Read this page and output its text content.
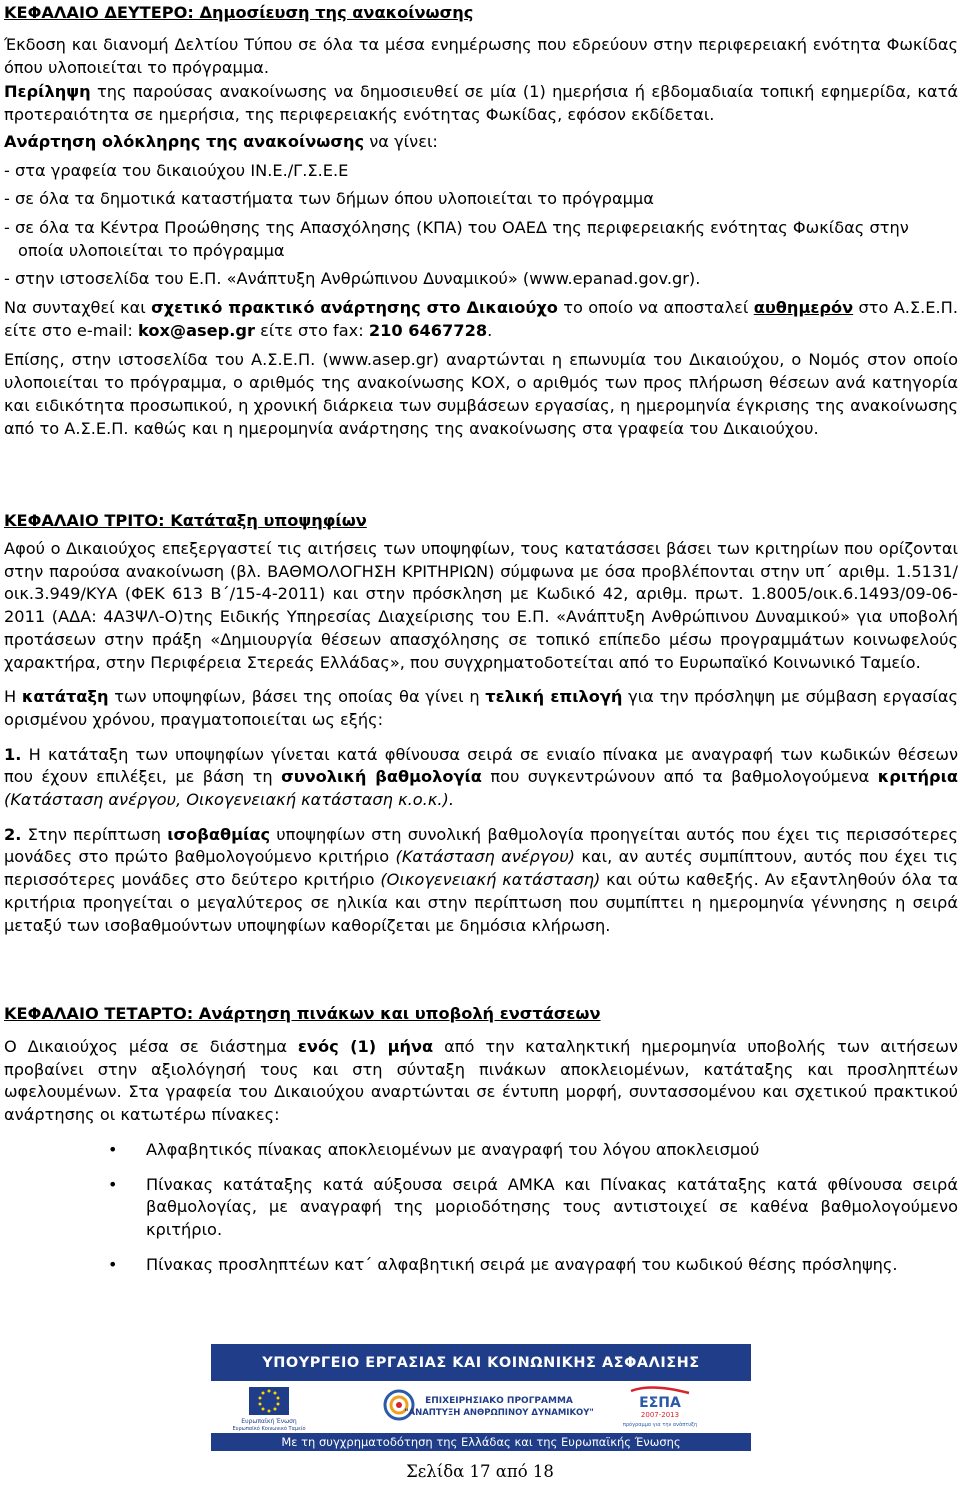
ΚΕΦΑΛΑΙΟ ΔΕΥΤΕΡΟ: Δημοσίευση της ανακοίνωσης

Έκδοση και διανομή Δελτίου Τύπου σε όλα τα μέσα ενημέρωσης που εδρεύουν στην περιφερειακή ενότητα Φωκίδας όπου υλοποιείται το πρόγραμμα.

Περίληψη της παρούσας ανακοίνωσης να δημοσιευθεί σε μία (1) ημερήσια ή εβδομαδιαία τοπική εφημερίδα, κατά προτεραιότητα σε ημερήσια, της περιφερειακής ενότητας Φωκίδας, εφόσον εκδίδεται.

Ανάρτηση ολόκληρης της ανακοίνωσης να γίνει:

- στα γραφεία του δικαιούχου ΙΝ.Ε./Γ.Σ.Ε.Ε
- σε όλα τα δημοτικά καταστήματα των δήμων όπου υλοποιείται το πρόγραμμα
- σε όλα τα Κέντρα Προώθησης της Απασχόλησης (ΚΠΑ) του ΟΑΕΔ της περιφερειακής ενότητας Φωκίδας στην οποία υλοποιείται το πρόγραμμα
- στην ιστοσελίδα του Ε.Π. «Ανάπτυξη Ανθρώπινου Δυναμικού» (www.epanad.gov.gr).

Να συνταχθεί και σχετικό πρακτικό ανάρτησης στο Δικαιούχο το οποίο να αποσταλεί αυθημερόν στο Α.Σ.Ε.Π. είτε στο e-mail: kox@asep.gr είτε στο fax: 210 6467728.

Επίσης, στην ιστοσελίδα του Α.Σ.Ε.Π. (www.asep.gr) αναρτώνται η επωνυμία του Δικαιούχου, ο Νομός στον οποίο υλοποιείται το πρόγραμμα, ο αριθμός της ανακοίνωσης ΚΟΧ, ο αριθμός των προς πλήρωση θέσεων ανά κατηγορία και ειδικότητα προσωπικού, η χρονική διάρκεια των συμβάσεων εργασίας, η ημερομηνία έγκρισης της ανακοίνωσης από το Α.Σ.Ε.Π. καθώς και η ημερομηνία ανάρτησης της ανακοίνωσης στα γραφεία του Δικαιούχου.

ΚΕΦΑΛΑΙΟ ΤΡΙΤΟ: Κατάταξη υποψηφίων

Αφού ο Δικαιούχος επεξεργαστεί τις αιτήσεις των υποψηφίων, τους κατατάσσει βάσει των κριτηρίων που ορίζονται στην παρούσα ανακοίνωση (βλ. ΒΑΘΜΟΛΟΓΗΣΗ ΚΡΙΤΗΡΙΩΝ) σύμφωνα με όσα προβλέπονται στην υπ΄ αριθμ. 1.5131/οικ.3.949/ΚΥΑ (ΦΕΚ 613 Β΄/15-4-2011) και στην πρόσκληση με Κωδικό 42, αριθμ. πρωτ. 1.8005/οικ.6.1493/09-06-2011 (ΑΔΑ: 4Α3ΨΛ-Ο)της Ειδικής Υπηρεσίας Διαχείρισης του Ε.Π. «Ανάπτυξη Ανθρώπινου Δυναμικού» για υποβολή προτάσεων στην πράξη «Δημιουργία θέσεων απασχόλησης σε τοπικό επίπεδο μέσω προγραμμάτων κοινωφελούς χαρακτήρα, στην Περιφέρεια Στερεάς Ελλάδας», που συγχρηματοδοτείται από το Ευρωπαϊκό Κοινωνικό Ταμείο.

Η κατάταξη των υποψηφίων, βάσει της οποίας θα γίνει η τελική επιλογή για την πρόσληψη με σύμβαση εργασίας ορισμένου χρόνου, πραγματοποιείται ως εξής:

1. Η κατάταξη των υποψηφίων γίνεται κατά φθίνουσα σειρά σε ενιαίο πίνακα με αναγραφή των κωδικών θέσεων που έχουν επιλέξει, με βάση τη συνολική βαθμολογία που συγκεντρώνουν από τα βαθμολογούμενα κριτήρια (Κατάσταση ανέργου, Οικογενειακή κατάσταση κ.ο.κ.).

2. Στην περίπτωση ισοβαθμίας υποψηφίων στη συνολική βαθμολογία προηγείται αυτός που έχει τις περισσότερες μονάδες στο πρώτο βαθμολογούμενο κριτήριο (Κατάσταση ανέργου) και, αν αυτές συμπίπτουν, αυτός που έχει τις περισσότερες μονάδες στο δεύτερο κριτήριο (Οικογενειακή κατάσταση) και ούτω καθεξής. Αν εξαντληθούν όλα τα κριτήρια προηγείται ο μεγαλύτερος σε ηλικία και στην περίπτωση που συμπίπτει η ημερομηνία γέννησης η σειρά μεταξύ των ισοβαθμούντων υποψηφίων καθορίζεται με δημόσια κλήρωση.

ΚΕΦΑΛΑΙΟ ΤΕΤΑΡΤΟ: Ανάρτηση πινάκων και υποβολή ενστάσεων

Ο Δικαιούχος μέσα σε διάστημα ενός (1) μήνα από την καταληκτική ημερομηνία υποβολής των αιτήσεων προβαίνει στην αξιολόγησή τους και στη σύνταξη πινάκων αποκλειομένων, κατάταξης και προσληπτέων ωφελουμένων. Στα γραφεία του Δικαιούχου αναρτώνται σε έντυπη μορφή, συντασσομένου και σχετικού πρακτικού ανάρτησης οι κατωτέρω πίνακες:

• Αλφαβητικός πίνακας αποκλειομένων με αναγραφή του λόγου αποκλεισμού
• Πίνακας κατάταξης κατά αύξουσα σειρά ΑΜΚΑ και Πίνακας κατάταξης κατά φθίνουσα σειρά βαθμολογίας, με αναγραφή της μοριοδότησης τους αντιστοιχεί σε καθένα βαθμολογούμενο κριτήριο.
• Πίνακας προσληπτέων κατ΄ αλφαβητική σειρά με αναγραφή του κωδικού θέσης πρόσληψης.
ΥΠΟΥΡΓΕΙΟ ΕΡΓΑΣΙΑΣ ΚΑΙ ΚΟΙΝΩΝΙΚΗΣ ΑΣΦΑΛΙΣΗΣ
Ευρωπαϊκή Ένωση
Ευρωπαϊκό Κοινωνικό Ταμείο
ΕΠΙΧΕΙΡΗΣΙΑΚΟ ΠΡΟΓΡΑΜΜΑ
"ΑΝΑΠΤΥΞΗ ΑΝΘΡΩΠΙΝΟΥ ΔΥΝΑΜΙΚΟΥ"
ΕΣΠΑ
2007-2013
πρόγραμμα για την ανάπτυξη
Με τη συγχρηματοδότηση της Ελλάδας και της Ευρωπαϊκής Ένωσης
Σελίδα 17 από 18
